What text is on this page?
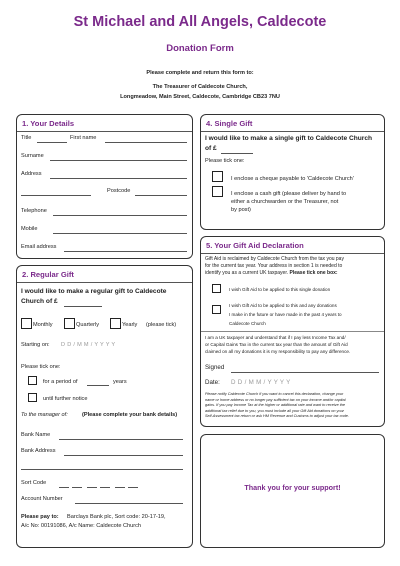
St Michael and All Angels, Caldecote
Donation Form
Please complete and return this form to:
The Treasurer of Caldecote Church,
Longmeadow, Main Street, Caldecote, Cambridge CB23 7NU
1. Your Details
Title	First name
Surname
Address
Postcode
Telephone
Mobile
Email address
2. Regular Gift
I would like to make a regular gift to Caldecote
Church of £
Monthly	Quarterly	Yearly (please tick)
Starting on: D D / M M / Y Y Y Y
Please tick one:
for a period of	years
until further notice
To the manager of:	(Please complete your bank details)
Bank Name
Bank Address
Sort Code
Account Number
Please pay to: Barclays Bank plc, Sort code: 20-17-19,
A/c No: 00191086, A/c Name: Caldecote Church
4. Single Gift
I would like to make a single gift to Caldecote Church
of £
Please tick one:
I enclose a cheque payable to 'Caldecote Church'
I enclose a cash gift (please deliver by hand to
either a churchwarden or the Treasurer, not
by post)
5. Your Gift Aid Declaration
Gift Aid is reclaimed by Caldecote Church from the tax you pay
for the current tax year. Your address in section 1 is needed to
identify you as a current UK taxpayer. Please tick one box:
I wish Gift Aid to be applied to this single donation
I wish Gift Aid to be applied to this and any donations
I make in the future or have made in the past 4 years to
Caldecote Church
I am a UK taxpayer and understand that if I pay less Income Tax and/
or Capital Gains Tax in the current tax year than the amount of Gift Aid
claimed on all my donations it is my responsibility to pay any difference.
Signed
Date: D D / M M / Y Y Y Y
Please notify Caldecote Church if you want to cancel this declaration, change your
name or home address or no longer pay sufficient tax on your income and/or capital
gains. If you pay Income Tax at the higher or additional rate and want to receive the
additional tax relief due to you, you must include all your Gift Aid donations on your
Self-Assessment tax return or ask HM Revenue and Customs to adjust your tax code.
Thank you for your support!
